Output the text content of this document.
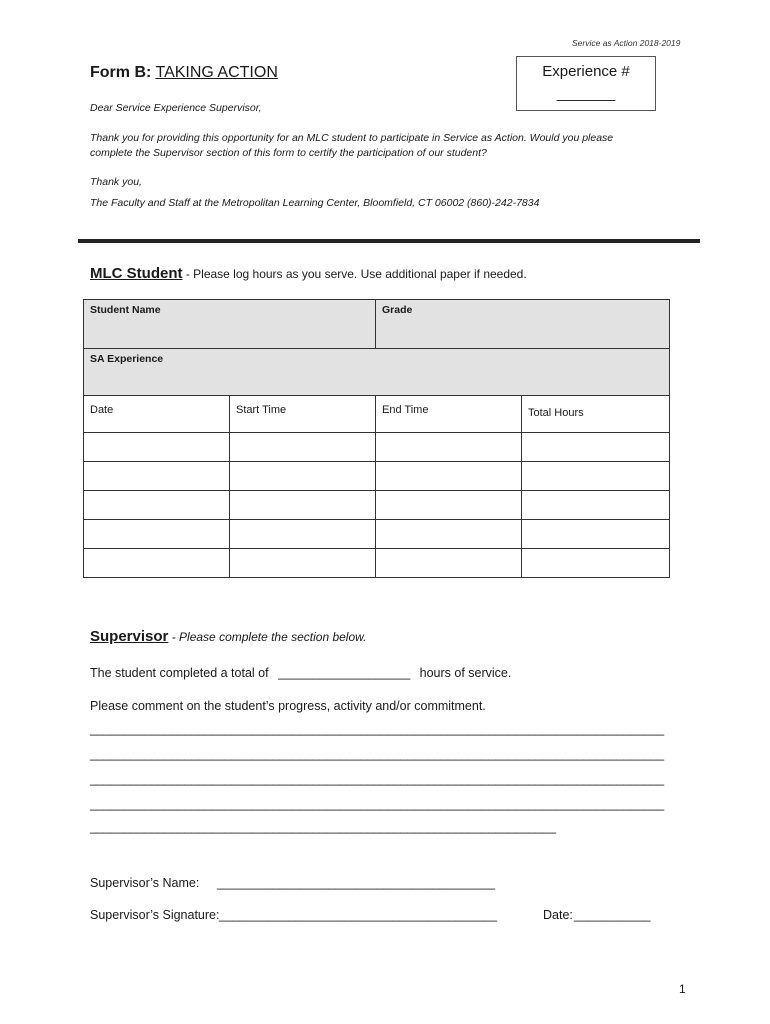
Service as Action 2018-2019
Form B: TAKING ACTION	Experience #
_______
Dear Service Experience Supervisor,
Thank you for providing this opportunity for an MLC student to participate in Service as Action. Would you please
complete the Supervisor section of this form to certify the participation of our student?
Thank you,
The Faculty and Staff at the Metropolitan Learning Center, Bloomfield, CT 06002 (860)-242-7834
MLC Student - Please log hours as you serve. Use additional paper if needed.
Student Name		Grade	
SA Experience			
Date	Start Time	End Time	Total Hours

Supervisor - Please complete the section below.
The student completed a total of ___________________ hours of service.
Please comment on the student’s progress, activity and/or commitment.
_____________________________________________________________________________________
_____________________________________________________________________________________
_____________________________________________________________________________________
_____________________________________________________________________________________
_____________________________________________________________________
Supervisor’s Name: ________________________________________
Supervisor’s Signature: ________________________________________	Date: ___________
1
